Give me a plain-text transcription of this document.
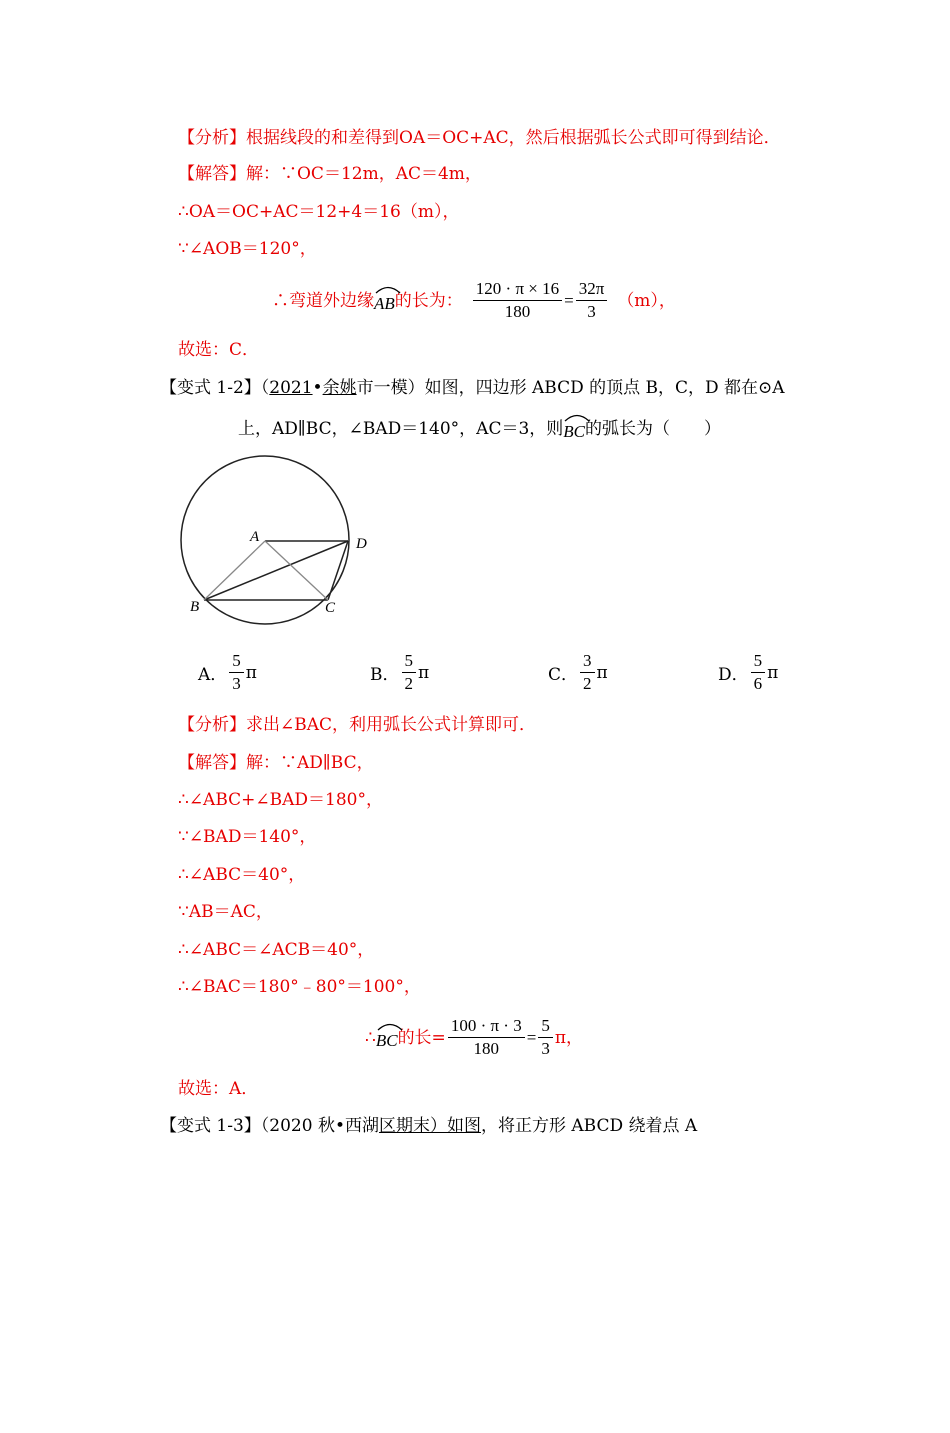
【分析】根据线段的和差得到OA＝OC+AC，然后根据弧长公式即可得到结论．
【解答】解：∵OC＝12m，AC＝4m，
∴OA＝OC+AC＝12+4＝16（m），
∵∠AOB＝120°，
∴弯道外边缘 AB 的长为： $\frac{120 \cdot \pi \times 16}{180} = \frac{32\pi}{3} (m)$，
故选：C．
【变式 1-2】（2021•余姚市一模）如图，四边形 ABCD 的顶点 B，C，D 都在⊙A
上，AD∥BC，∠BAD＝140°，AC＝3，则 BC 的弧长为（　　）
A
B	C
D
A． $\frac{5}{3}$ π	B． $\frac{5}{2}$ π	C． $\frac{3}{2}$ π	D． $\frac{5}{6}$ π
【分析】求出∠BAC，利用弧长公式计算即可．
【解答】解：∵AD∥BC，
∴∠ABC+∠BAD＝180°，
∵∠BAD＝140°，
∴∠ABC＝40°，
∵AB＝AC，
∴∠ABC＝∠ACB＝40°，
∴∠BAC＝180°﹣80°＝100°，
∴ BC 的长= $\frac{100 \cdot \pi \cdot 3}{180} = \frac{5}{3}$ π，
故选：A．
【变式 1-3】（2020 秋•西湖区期末）如图，将正方形 ABCD 绕着点 A
